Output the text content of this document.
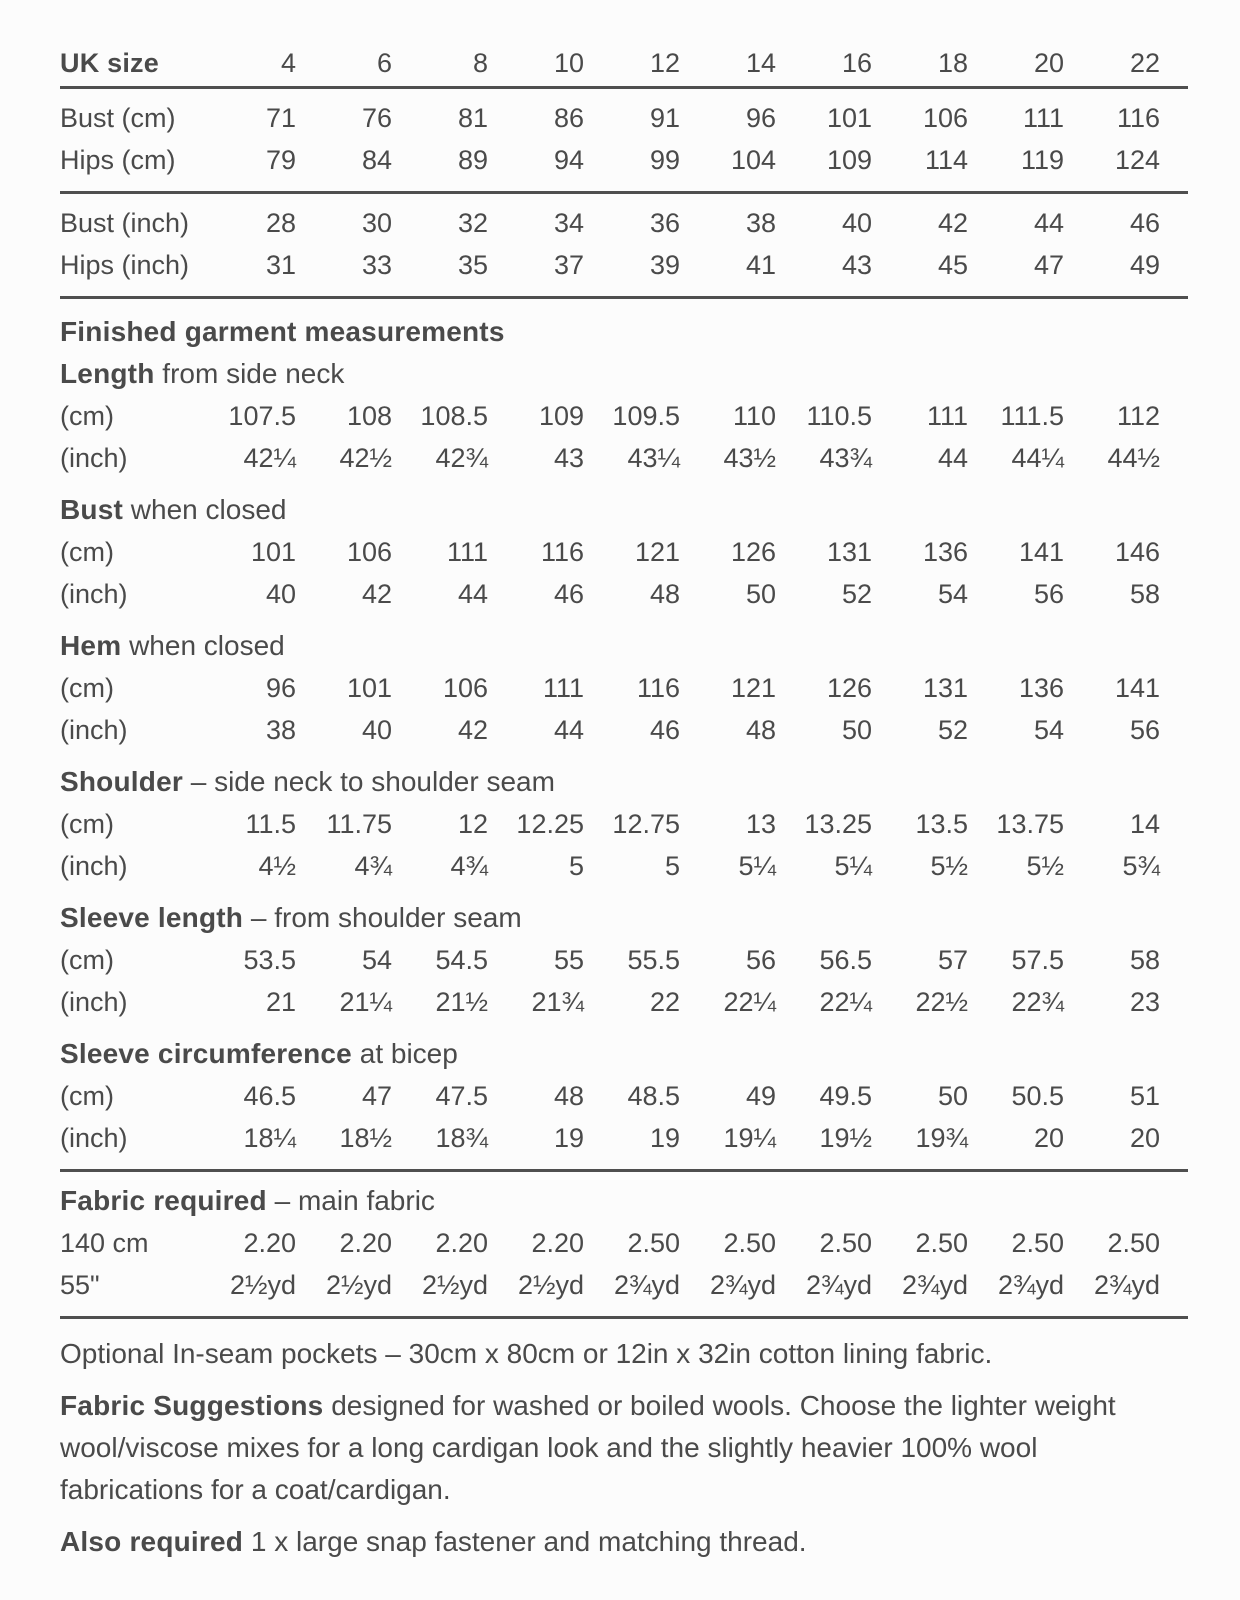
UK size	4	6	8	10	12	14	16	18	20	22
Bust (cm)	71	76	81	86	91	96	101	106	111	116
Hips (cm)	79	84	89	94	99	104	109	114	119	124
Bust (inch)	28	30	32	34	36	38	40	42	44	46
Hips (inch)	31	33	35	37	39	41	43	45	47	49
Finished garment measurements
Length from side neck
(cm)	107.5	108	108.5	109	109.5	110	110.5	111	111.5	112
(inch)	42¼	42½	42¾	43	43¼	43½	43¾	44	44¼	44½
Bust when closed
(cm)	101	106	111	116	121	126	131	136	141	146
(inch)	40	42	44	46	48	50	52	54	56	58
Hem when closed
(cm)	96	101	106	111	116	121	126	131	136	141
(inch)	38	40	42	44	46	48	50	52	54	56
Shoulder – side neck to shoulder seam
(cm)	11.5	11.75	12	12.25	12.75	13	13.25	13.5	13.75	14
(inch)	4½	4¾	4¾	5	5	5¼	5¼	5½	5½	5¾
Sleeve length – from shoulder seam
(cm)	53.5	54	54.5	55	55.5	56	56.5	57	57.5	58
(inch)	21	21¼	21½	21¾	22	22¼	22¼	22½	22¾	23
Sleeve circumference at bicep
(cm)	46.5	47	47.5	48	48.5	49	49.5	50	50.5	51
(inch)	18¼	18½	18¾	19	19	19¼	19½	19¾	20	20
Fabric required – main fabric
140 cm	2.20	2.20	2.20	2.20	2.50	2.50	2.50	2.50	2.50	2.50
55"	2½yd	2½yd	2½yd	2½yd	2¾yd	2¾yd	2¾yd	2¾yd	2¾yd	2¾yd

Optional In-seam pockets – 30cm x 80cm or 12in x 32in cotton lining fabric.

Fabric Suggestions designed for washed or boiled wools. Choose the lighter weight wool/viscose mixes for a long cardigan look and the slightly heavier 100% wool fabrications for a coat/cardigan.

Also required 1 x large snap fastener and matching thread.
